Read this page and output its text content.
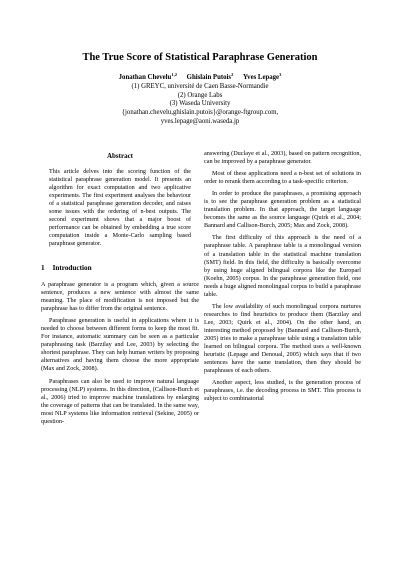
The True Score of Statistical Paraphrase Generation
Jonathan Chevelu$^{1,2}$ Ghislain Putois$^2$ Yves Lepage$^3$
(1) GREYC, université de Caen Basse-Normandie
(2) Orange Labs
(3) Waseda University
{jonathan.chevelu,ghislain.putois}@orange-ftgroup.com,
yves.lepage@aoni.waseda.jp
Abstract
This article delves into the scoring function of the statistical paraphrase generation model. It presents an algorithm for exact computation and two applicative experiments. The first experiment analyses the behaviour of a statistical paraphrase generation decoder, and raises some issues with the ordering of n-best outputs. The second experiment shows that a major boost of performance can be obtained by embedding a true score computation inside a Monte-Carlo sampling based paraphrase generator.
1 Introduction

A paraphrase generator is a program which, given a source sentence, produces a new sentence with almost the same meaning. The place of modification is not imposed but the paraphrase has to differ from the original sentence.

Paraphrase generation is useful in applications where it is needed to choose between different forms to keep the most fit. For instance, automatic summary can be seen as a particular paraphrasing task (Barzilay and Lee, 2003) by selecting the shortest paraphrase. They can help human writers by proposing alternatives and having them choose the more appropriate (Max and Zock, 2008).

Paraphrases can also be used to improve natural language processing (NLP) systems. In this direction, (Callison-Burch et al., 2006) tried to improve machine translations by enlarging the coverage of patterns that can be translated. In the same way, most NLP systems like information retrieval (Sekine, 2005) or question-

answering (Duclaye et al., 2003), based on pattern recognition, can be improved by a paraphrase generator.

Most of these applications need a n-best set of solutions in order to rerank them according to a task-specific criterion.

In order to produce the paraphrases, a promising approach is to see the paraphrase generation problem as a statistical translation problem. In that approach, the target language becomes the same as the source language (Quirk et al., 2004; Bannard and Callison-Burch, 2005; Max and Zock, 2008).

The first difficulty of this approach is the need of a paraphrase table. A paraphrase table is a monolingual version of a translation table in the statistical machine translation (SMT) field. In this field, the difficulty is basically overcome by using huge aligned bilingual corpora like the Europarl (Koehn, 2005) corpus. In the paraphrase generation field, one needs a huge aligned monolingual corpus to build a paraphrase table.

The low availability of such monolingual corpora nurtures researches to find heuristics to produce them (Barzilay and Lee, 2003; Quirk et al., 2004). On the other hand, an interesting method proposed by (Bannard and Callison-Burch, 2005) tries to make a paraphrase table using a translation table learned on bilingual corpora. The method uses a well-known heuristic (Lepage and Denoual, 2005) which says that if two sentences have the same translation, then they should be paraphrases of each others.

Another aspect, less studied, is the generation process of paraphrases, i.e. the decoding process in SMT. This process is subject to combinatorial
